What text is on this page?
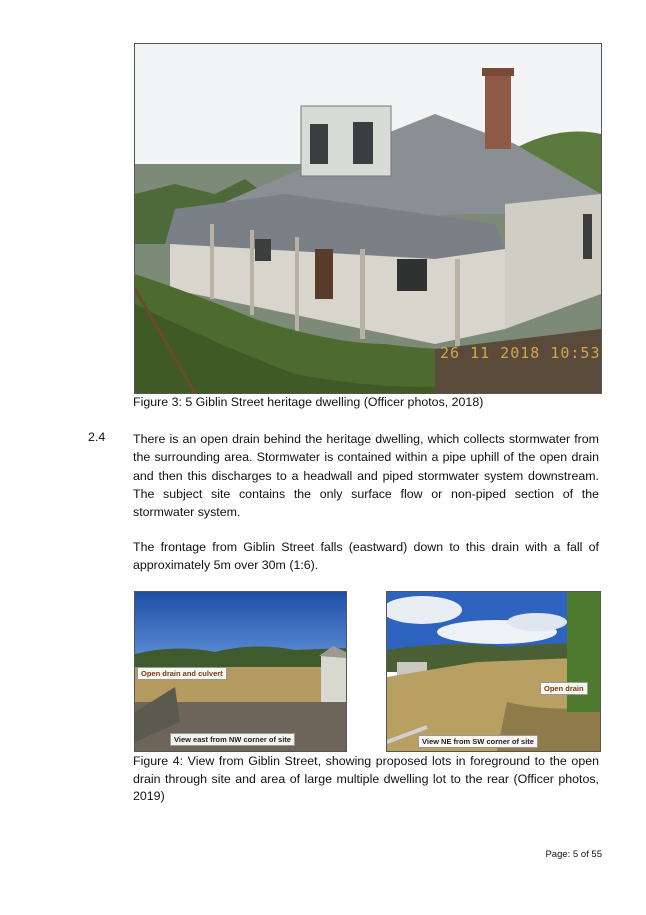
26 11 2018 10:53
Figure 3: 5 Giblin Street heritage dwelling (Officer photos, 2018)
2.4 There is an open drain behind the heritage dwelling, which collects stormwater from the surrounding area. Stormwater is contained within a pipe uphill of the open drain and then this discharges to a headwall and piped stormwater system downstream. The subject site contains the only surface flow or non-piped section of the stormwater system.
The frontage from Giblin Street falls (eastward) down to this drain with a fall of approximately 5m over 30m (1:6).
Open drain and culvert
View east from NW corner of site
Open drain
View NE from SW corner of site
Figure 4: View from Giblin Street, showing proposed lots in foreground to the open drain through site and area of large multiple dwelling lot to the rear (Officer photos, 2019)
Page: 5 of 55
